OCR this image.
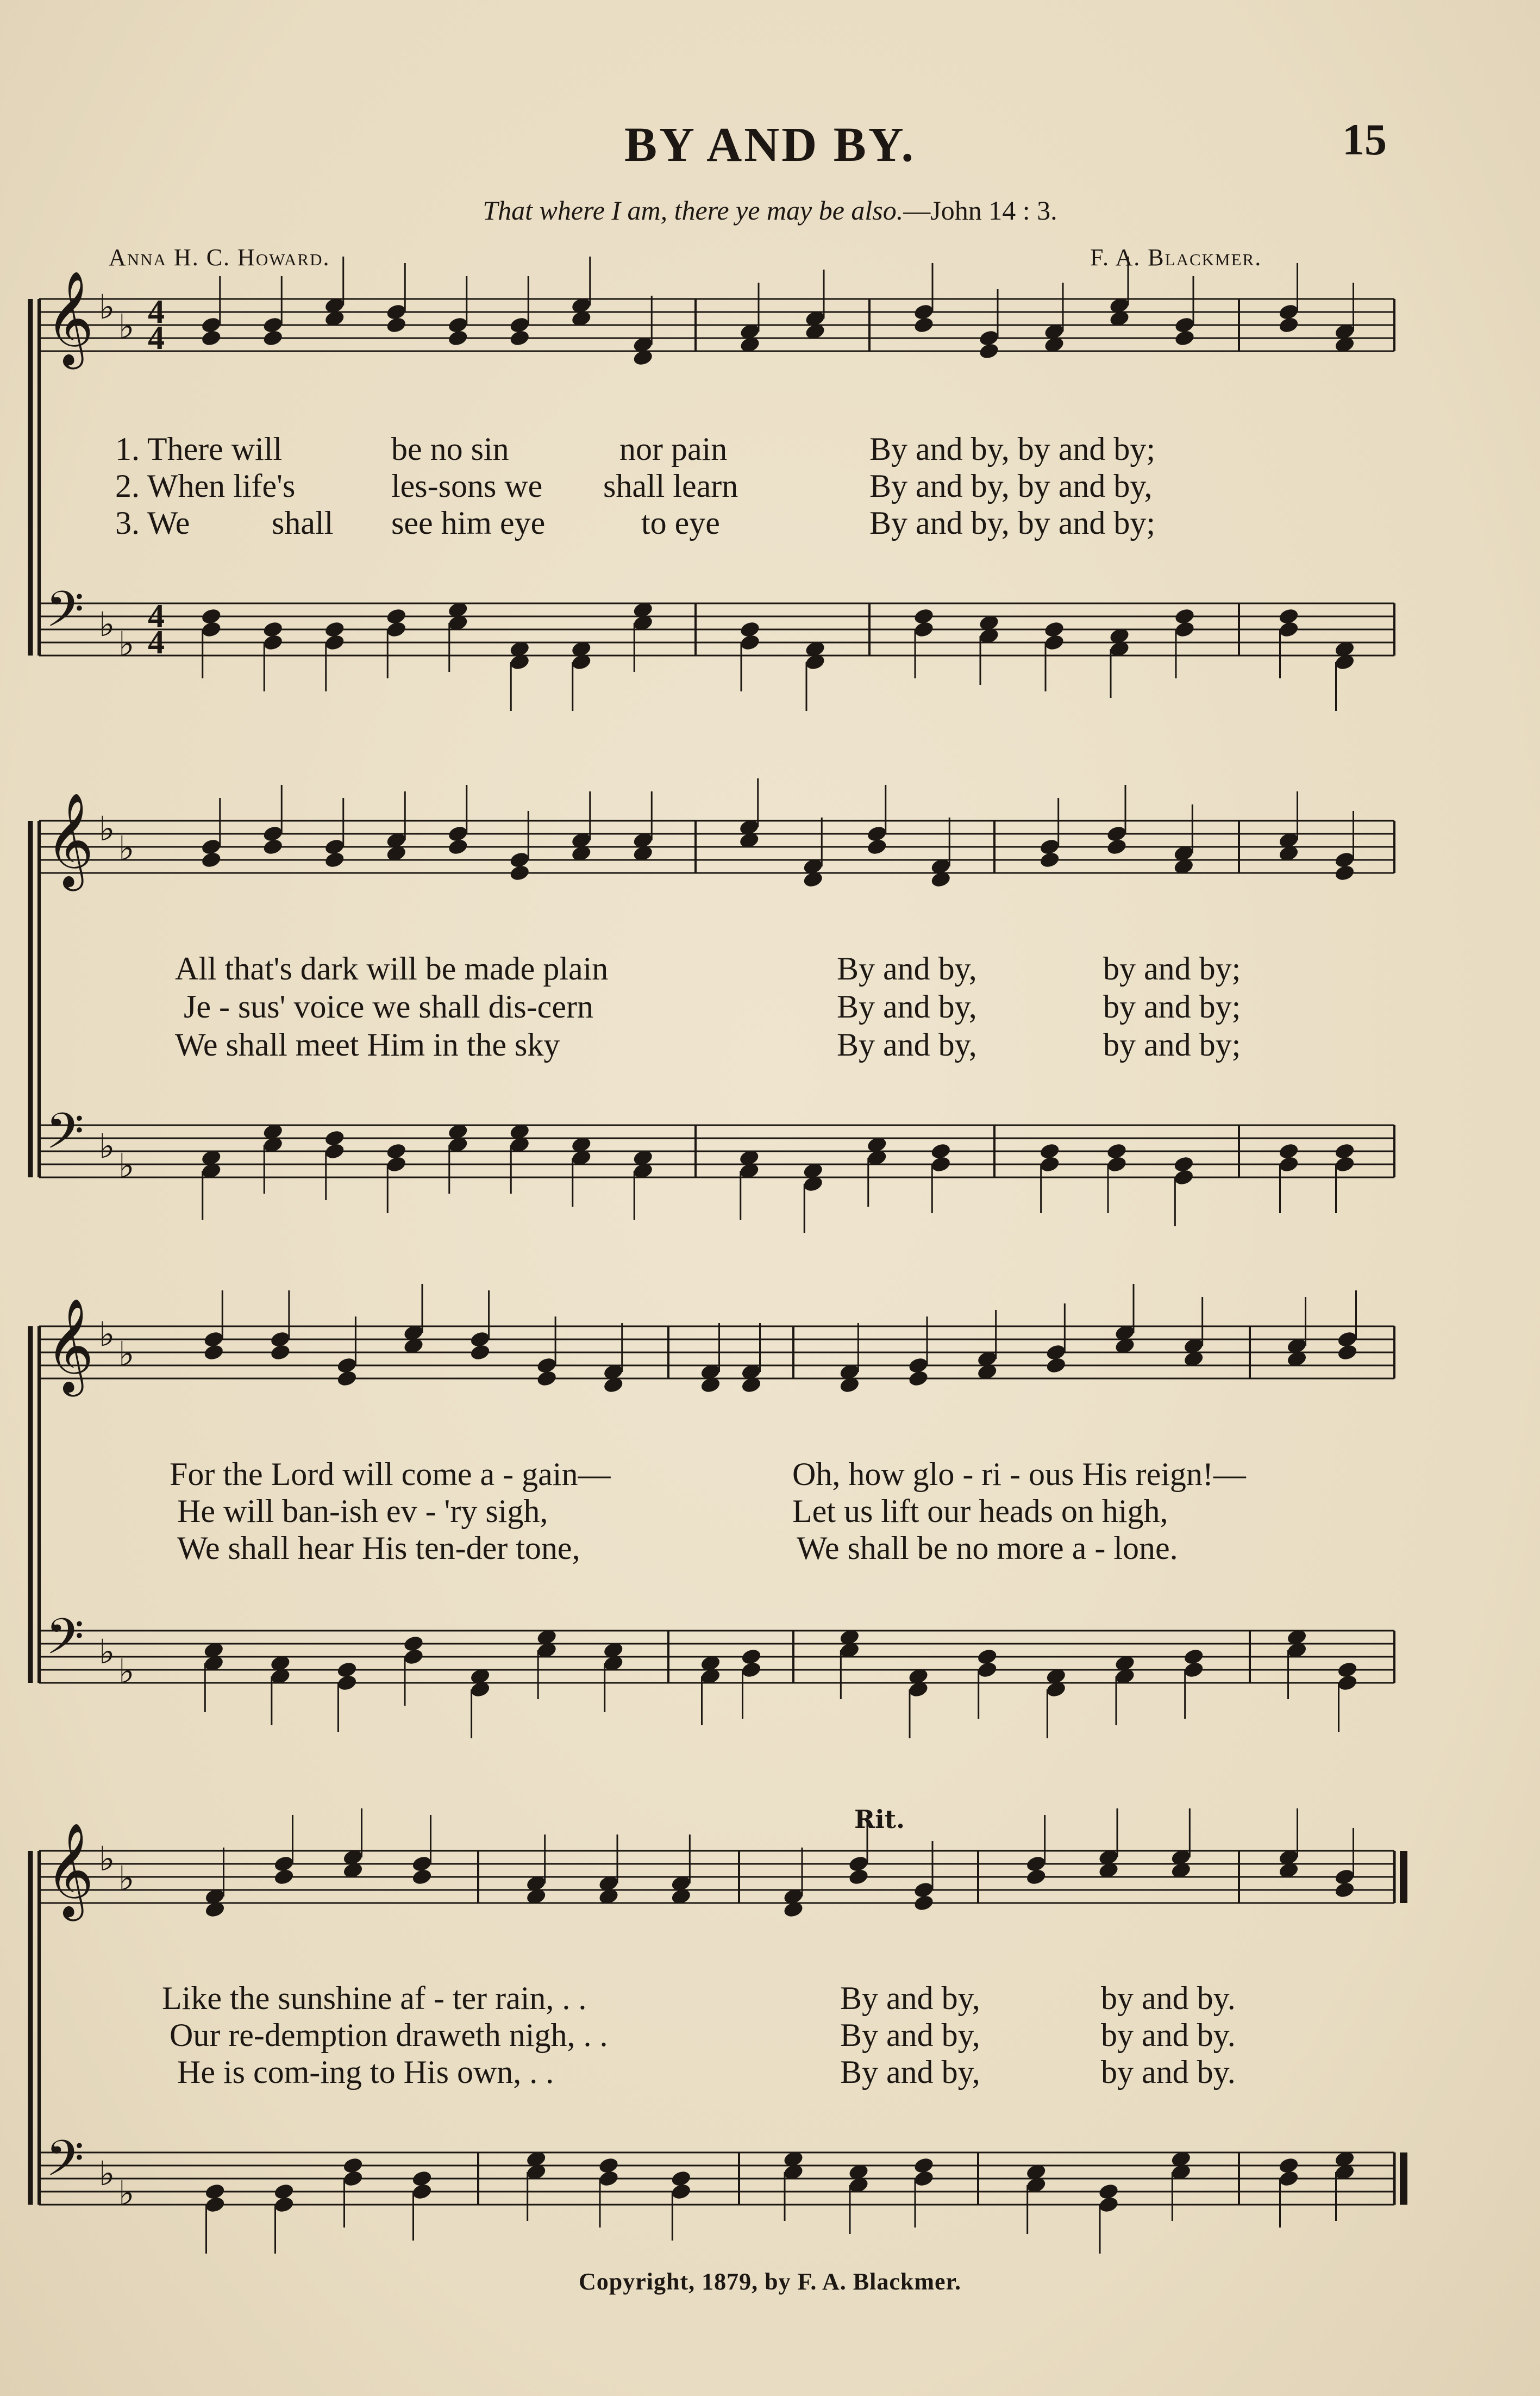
BY AND BY.	15
That where I am, there ye may be also.—John 14 : 3.
Anna H. C. Howard.	F. A. Blackmer.
𝄞 ♭ ♭ 4
4
𝄢 ♭ ♭
4
4
𝄞 ♭ ♭
𝄢 ♭ ♭
𝄞 ♭ ♭
𝄢 ♭ ♭
𝄞 ♭ ♭
𝄢 ♭ ♭
1. There will	be no sin	nor pain	By and by, by and by;
2. When life's	les-sons we shall learn	By and by, by and by,
3. We	shall see him eye	to eye	By and by, by and by;
All that's dark will be made plain	By and by,	by and by;
Je - sus' voice we shall dis-cern	By and by,	by and by;
We shall meet Him in the sky	By and by,	by and by;
For the Lord will come a - gain—	Oh, how glo - ri - ous His reign!—
He will ban-ish ev - 'ry sigh,	Let us lift our heads on high,
We shall hear His ten-der tone,	We shall be no more a - lone.
Rit.
Like the sunshine af - ter rain, . .	By and by,	by and by.
Our re-demption draweth nigh, . .	By and by,	by and by.
He is com-ing to His own, . .	By and by,	by and by.
Copyright, 1879, by F. A. Blackmer.
